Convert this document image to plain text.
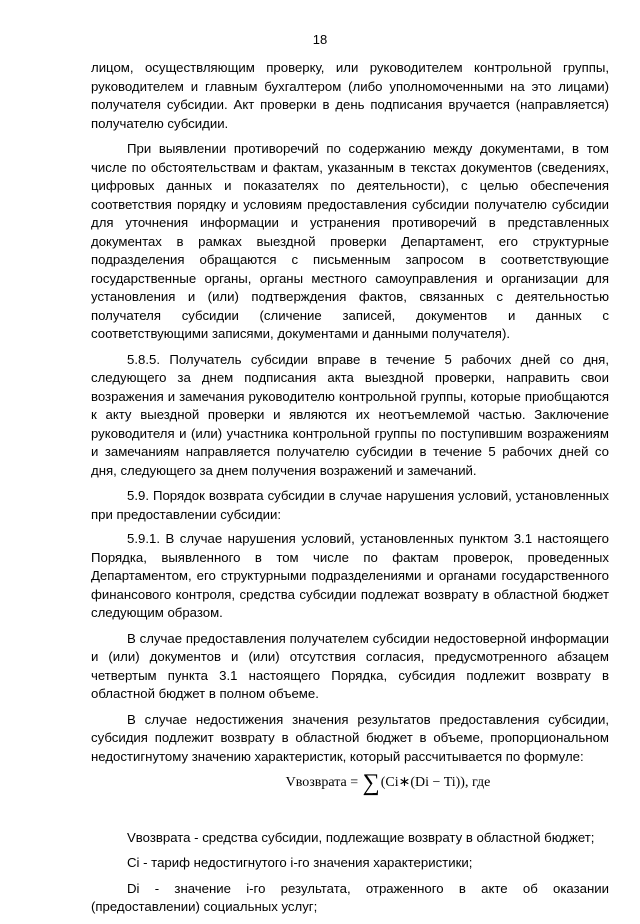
18

лицом, осуществляющим проверку, или руководителем контрольной группы, руководителем и главным бухгалтером (либо уполномоченными на это лицами) получателя субсидии. Акт проверки в день подписания вручается (направляется) получателю субсидии.

При выявлении противоречий по содержанию между документами, в том числе по обстоятельствам и фактам, указанным в текстах документов (сведениях, цифровых данных и показателях по деятельности), с целью обеспечения соответствия порядку и условиям предоставления субсидии получателю субсидии для уточнения информации и устранения противоречий в представленных документах в рамках выездной проверки Департамент, его структурные подразделения обращаются с письменным запросом в соответствующие государственные органы, органы местного самоуправления и организации для установления и (или) подтверждения фактов, связанных с деятельностью получателя субсидии (сличение записей, документов и данных с соответствующими записями, документами и данными получателя).

5.8.5. Получатель субсидии вправе в течение 5 рабочих дней со дня, следующего за днем подписания акта выездной проверки, направить свои возражения и замечания руководителю контрольной группы, которые приобщаются к акту выездной проверки и являются их неотъемлемой частью. Заключение руководителя и (или) участника контрольной группы по поступившим возражениям и замечаниям направляется получателю субсидии в течение 5 рабочих дней со дня, следующего за днем получения возражений и замечаний.

5.9. Порядок возврата субсидии в случае нарушения условий, установленных при предоставлении субсидии:

5.9.1. В случае нарушения условий, установленных пунктом 3.1 настоящего Порядка, выявленного в том числе по фактам проверок, проведенных Департаментом, его структурными подразделениями и органами государственного финансового контроля, средства субсидии подлежат возврату в областной бюджет следующим образом.

В случае предоставления получателем субсидии недостоверной информации и (или) документов и (или) отсутствия согласия, предусмотренного абзацем четвертым пункта 3.1 настоящего Порядка, субсидия подлежит возврату в областной бюджет в полном объеме.

В случае недостижения значения результатов предоставления субсидии, субсидия подлежит возврату в областной бюджет в объеме, пропорциональном недостигнутому значению характеристик, который рассчитывается по формуле:

Vвозврата = ∑(Ci∗(Di − Ti)), где

Vвозврата - средства субсидии, подлежащие возврату в областной бюджет;

Ci - тариф недостигнутого i-го значения характеристики;

Di - значение i-го результата, отраженного в акте об оказании (предоставлении) социальных услуг;
